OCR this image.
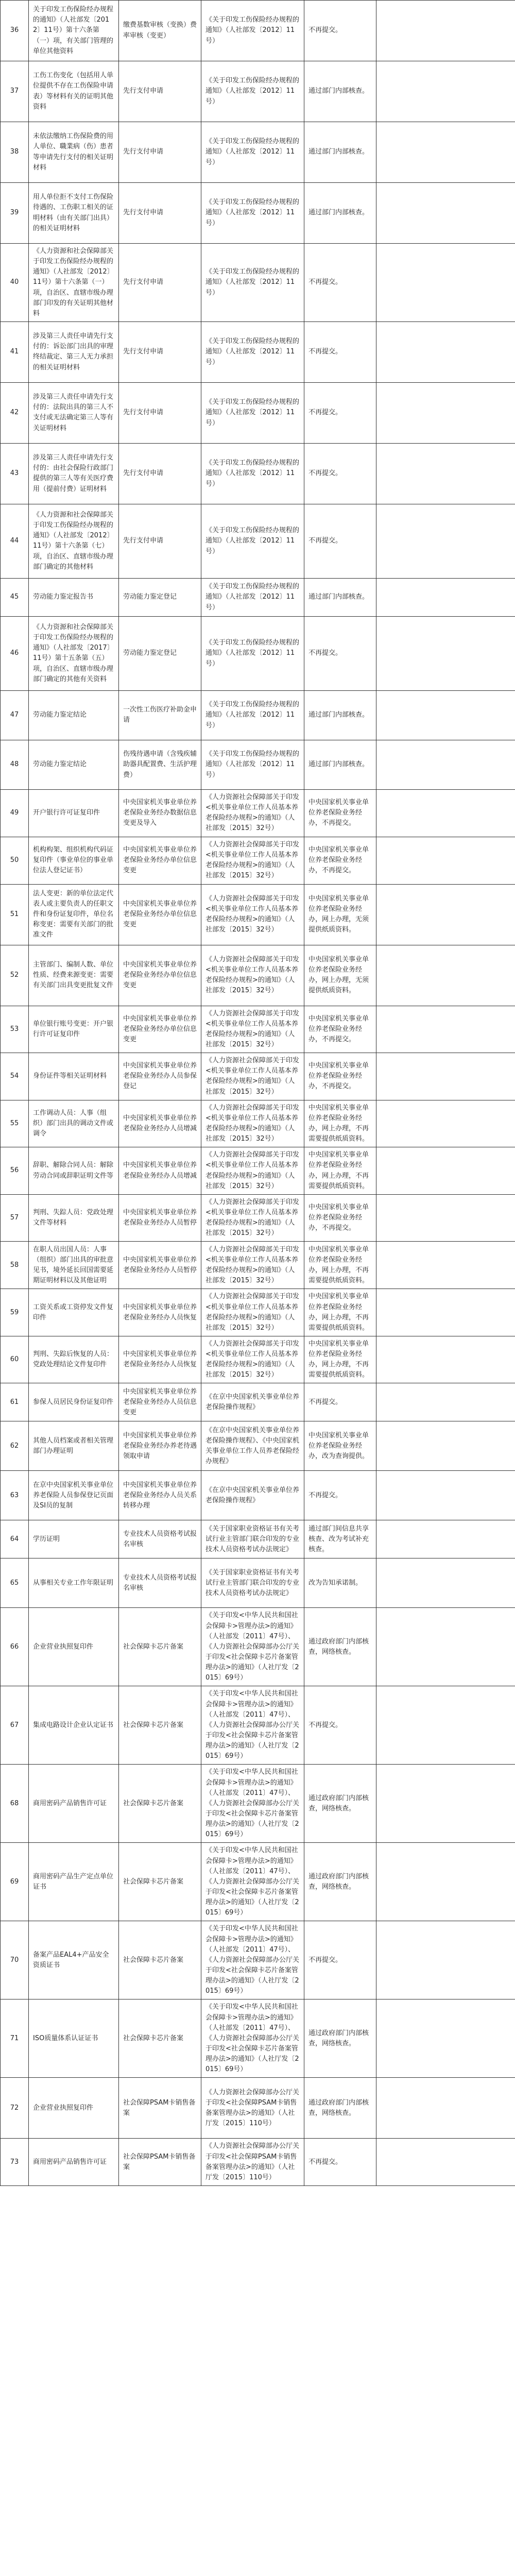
36	关于印发工伤保险经办规程的通知》（人社部发〔2012〕11号）第十六条第（一）项，有关部门管理的单位其他资料	缴费基数审核（变换）费率审核（变更）	《关于印发工伤保险经办规程的通知》（人社部发〔2012〕11号）	不再提交。	
37	工伤工伤变化（包括用人单位提供不存在工伤保险申请表）等材料有关的证明其他资料	先行支付申请	《关于印发工伤保险经办规程的通知》（人社部发〔2012〕11号）	通过部门内部核查。	
38	未依法缴纳工伤保险费的用人单位、職業病（伤）患者等申请先行支付的相关证明材料	先行支付申请	《关于印发工伤保险经办规程的通知》（人社部发〔2012〕11号）	通过部门内部核查。	
39	用人单位拒不支付工伤保险待遇的、工伤职工相关的证明材料（由有关部门出具）的相关证明材料	先行支付申请	《关于印发工伤保险经办规程的通知》（人社部发〔2012〕11号）	通过部门内部核查。	
40	《人力资源和社会保障部关于印发工伤保险经办规程的通知》（人社部发〔2012〕11号）第十六条第（一）项，自治区、直辖市级办理部门印发的有关证明其他材料	先行支付申请	《关于印发工伤保险经办规程的通知》（人社部发〔2012〕11号）	不再提交。	
41	涉及第三人责任申请先行支付的：诉讼部门出具的审理终结裁定、第三人无力承担的相关证明材料	先行支付申请	《关于印发工伤保险经办规程的通知》（人社部发〔2012〕11号）	不再提交。	
42	涉及第三人责任申请先行支付的：法院出具的第三人不支付或无法确定第三人等有关证明材料	先行支付申请	《关于印发工伤保险经办规程的通知》（人社部发〔2012〕11号）	不再提交。	
43	涉及第三人责任申请先行支付的：由社会保险行政部门提供的第三人等有关医疗费用（提前付费）证明材料	先行支付申请	《关于印发工伤保险经办规程的通知》（人社部发〔2012〕11号）	不再提交。	
44	《人力资源和社会保障部关于印发工伤保险经办规程的通知》（人社部发〔2012〕11号）第十六条第（七）项，自治区、直辖市级办理部门确定的其他材料	先行支付申请	《关于印发工伤保险经办规程的通知》（人社部发〔2012〕11号）	不再提交。	
45	劳动能力鉴定报告书	劳动能力鉴定登记	《关于印发工伤保险经办规程的通知》（人社部发〔2012〕11号）	通过部门内部核查。	
46	《人力资源和社会保障部关于印发工伤保险经办规程的通知》（人社部发〔2017〕11号）第十五条第（五）项，自治区、直辖市级办理部门确定的其他有关资料	劳动能力鉴定登记	《关于印发工伤保险经办规程的通知》（人社部发〔2012〕11号）	不再提交。	
47	劳动能力鉴定结论	一次性工伤医疗补助金申请	《关于印发工伤保险经办规程的通知》（人社部发〔2012〕11号）	通过部门内部核查。	
48	劳动能力鉴定结论	伤残待遇申请（含残疾辅助器具配置费、生活护理费）	《关于印发工伤保险经办规程的通知》（人社部发〔2012〕11号）	通过部门内部核查。	
49	开户银行许可证复印件	中央国家机关事业单位养老保险业务经办数据信息变更及导入	《人力资源社会保障部关于印发<机关事业单位工作人员基本养老保险经办规程>的通知》（人社部发〔2015〕32号）	中央国家机关事业单位养老保险业务经办，不再提交。	
50	机构构架、组织机构代码证复印件（事业单位的事业单位法人登记证书）	中央国家机关事业单位养老保险业务经办单位信息变更	《人力资源社会保障部关于印发<机关事业单位工作人员基本养老保险经办规程>的通知》（人社部发〔2015〕32号）	中央国家机关事业单位养老保险业务经办，不再提交。	
51	法人变更：新的单位法定代表人或主要负责人的任职文件和身份证复印件，单位名称变更：需要有关部门的批准文件	中央国家机关事业单位养老保险业务经办单位信息变更	《人力资源社会保障部关于印发<机关事业单位工作人员基本养老保险经办规程>的通知》（人社部发〔2015〕32号）	中央国家机关事业单位养老保险业务经办，网上办理，无须提供纸质资料。	
52	主管部门、编制人数、单位性质、经费来源变更：需要有关部门出具变更批复文件	中央国家机关事业单位养老保险业务经办单位信息变更	《人力资源社会保障部关于印发<机关事业单位工作人员基本养老保险经办规程>的通知》（人社部发〔2015〕32号）	中央国家机关事业单位养老保险业务经办，网上办理，无须提供纸质资料。	
53	单位银行账号变更：开户银行许可证复印件	中央国家机关事业单位养老保险业务经办单位信息变更	《人力资源社会保障部关于印发<机关事业单位工作人员基本养老保险经办规程>的通知》（人社部发〔2015〕32号）	中央国家机关事业单位养老保险业务经办，不再提交。	
54	身份证件等相关证明材料	中央国家机关事业单位养老保险业务经办人员参保登记	《人力资源社会保障部关于印发<机关事业单位工作人员基本养老保险经办规程>的通知》（人社部发〔2015〕32号）	中央国家机关事业单位养老保险业务经办，不再提交。	
55	工作调动人员：人事（组织）部门出具的调动文件或调令	中央国家机关事业单位养老保险业务经办人员增减	《人力资源社会保障部关于印发<机关事业单位工作人员基本养老保险经办规程>的通知》（人社部发〔2015〕32号）	中央国家机关事业单位养老保险业务经办，网上办理，不再需要提供纸质资料。	
56	辞职、解除合同人员：解除劳动合同或辞职证明文件等	中央国家机关事业单位养老保险业务经办人员增减	《人力资源社会保障部关于印发<机关事业单位工作人员基本养老保险经办规程>的通知》（人社部发〔2015〕32号）	中央国家机关事业单位养老保险业务经办，网上办理，不再需要提供纸质资料。	
57	判刑、失踪人员：党政处理文件等材料	中央国家机关事业单位养老保险业务经办人员暂停	《人力资源社会保障部关于印发<机关事业单位工作人员基本养老保险经办规程>的通知》（人社部发〔2015〕32号）	中央国家机关事业单位养老保险业务经办，不再提交。	
58	在职人员出国人员：人事（组织）部门出具的审批意见书，境外延长回国需要延期证明材料以及其他证明	中央国家机关事业单位养老保险业务经办人员暂停	《人力资源社会保障部关于印发<机关事业单位工作人员基本养老保险经办规程>的通知》（人社部发〔2015〕32号）	中央国家机关事业单位养老保险业务经办，网上办理，不再需要提供纸质资料。	
59	工资关系或工资停发文件复印件	中央国家机关事业单位养老保险业务经办人员恢复	《人力资源社会保障部关于印发<机关事业单位工作人员基本养老保险经办规程>的通知》（人社部发〔2015〕32号）	中央国家机关事业单位养老保险业务经办，网上办理，不再需要提供纸质资料。	
60	判刑、失踪后恢复的人员：党政处理结论文件复印件	中央国家机关事业单位养老保险业务经办人员恢复	《人力资源社会保障部关于印发<机关事业单位工作人员基本养老保险经办规程>的通知》（人社部发〔2015〕32号）	中央国家机关事业单位养老保险业务经办，网上办理，不再需要提供纸质资料。	
61	参保人员居民身份证复印件	中央国家机关事业单位养老保险业务经办人员信息变更	《在京中央国家机关事业单位养老保险操作规程》	不再提交。	
62	其他人员档案或者相关管理部门办理证明	中央国家机关事业单位养老保险业务经办养老待遇领取申请	《在京中央国家机关事业单位养老保险操作规程》、《中央国家机关事业单位工作人员养老保险经办规程》	中央国家机关事业单位养老保险业务经办，改为查询提供。	
63	在京中央国家机关事业单位养老保险人员参保登记页面及SI员的复制	中央国家机关事业单位养老保险业务经办人员关系转移办理	《在京中央国家机关事业单位养老保险操作规程》	不再提交。	
64	学历证明	专业技术人员资格考试报名审核	《关于国家职业资格证书有关考试行业主管部门联合印发的专业技术人员资格考试办法规定》	通过部门间信息共享核查、改为考试补充核查。	
65	从事相关专业工作年限证明	专业技术人员资格考试报名审核	《关于国家职业资格证书有关考试行业主管部门联合印发的专业技术人员资格考试办法规定》	改为告知承诺制。	
66	企业营业执照复印件	社会保障卡芯片备案	《关于印发<中华人民共和国社会保障卡>管理办法>的通知》（人社部发〔2011〕47号）、《人力资源社会保障部办公厅关于印发<社会保障卡芯片备案管理办法>的通知》（人社厅发〔2015〕69号）	通过政府部门内部核查，网络核查。	
67	集成电路设计企业认定证书	社会保障卡芯片备案	《关于印发<中华人民共和国社会保障卡>管理办法>的通知》（人社部发〔2011〕47号）、《人力资源社会保障部办公厅关于印发<社会保障卡芯片备案管理办法>的通知》（人社厅发〔2015〕69号）	不再提交。	
68	商用密码产品销售许可证	社会保障卡芯片备案	《关于印发<中华人民共和国社会保障卡>管理办法>的通知》（人社部发〔2011〕47号）、《人力资源社会保障部办公厅关于印发<社会保障卡芯片备案管理办法>的通知》（人社厅发〔2015〕69号）	通过政府部门内部核查，网络核查。	
69	商用密码产品生产定点单位证书	社会保障卡芯片备案	《关于印发<中华人民共和国社会保障卡>管理办法>的通知》（人社部发〔2011〕47号）、《人力资源社会保障部办公厅关于印发<社会保障卡芯片备案管理办法>的通知》（人社厅发〔2015〕69号）	通过政府部门内部核查，网络核查。	
70	备案产品EAL4+产品安全资质证书	社会保障卡芯片备案	《关于印发<中华人民共和国社会保障卡>管理办法>的通知》（人社部发〔2011〕47号）、《人力资源社会保障部办公厅关于印发<社会保障卡芯片备案管理办法>的通知》（人社厅发〔2015〕69号）	不再提交。	
71	ISO质量体系认证证书	社会保障卡芯片备案	《关于印发<中华人民共和国社会保障卡>管理办法>的通知》（人社部发〔2011〕47号）、《人力资源社会保障部办公厅关于印发<社会保障卡芯片备案管理办法>的通知》（人社厅发〔2015〕69号）	通过政府部门内部核查，网络核查。	
72	企业营业执照复印件	社会保障PSAM卡销售备案	《人力资源社会保障部办公厅关于印发<社会保障PSAM卡销售备案管理办法>的通知》（人社厅发〔2015〕110号）	通过政府部门内部核查，网络核查。	
73	商用密码产品销售许可证	社会保障PSAM卡销售备案	《人力资源社会保障部办公厅关于印发<社会保障PSAM卡销售备案管理办法>的通知》（人社厅发〔2015〕110号）	不再提交。	
